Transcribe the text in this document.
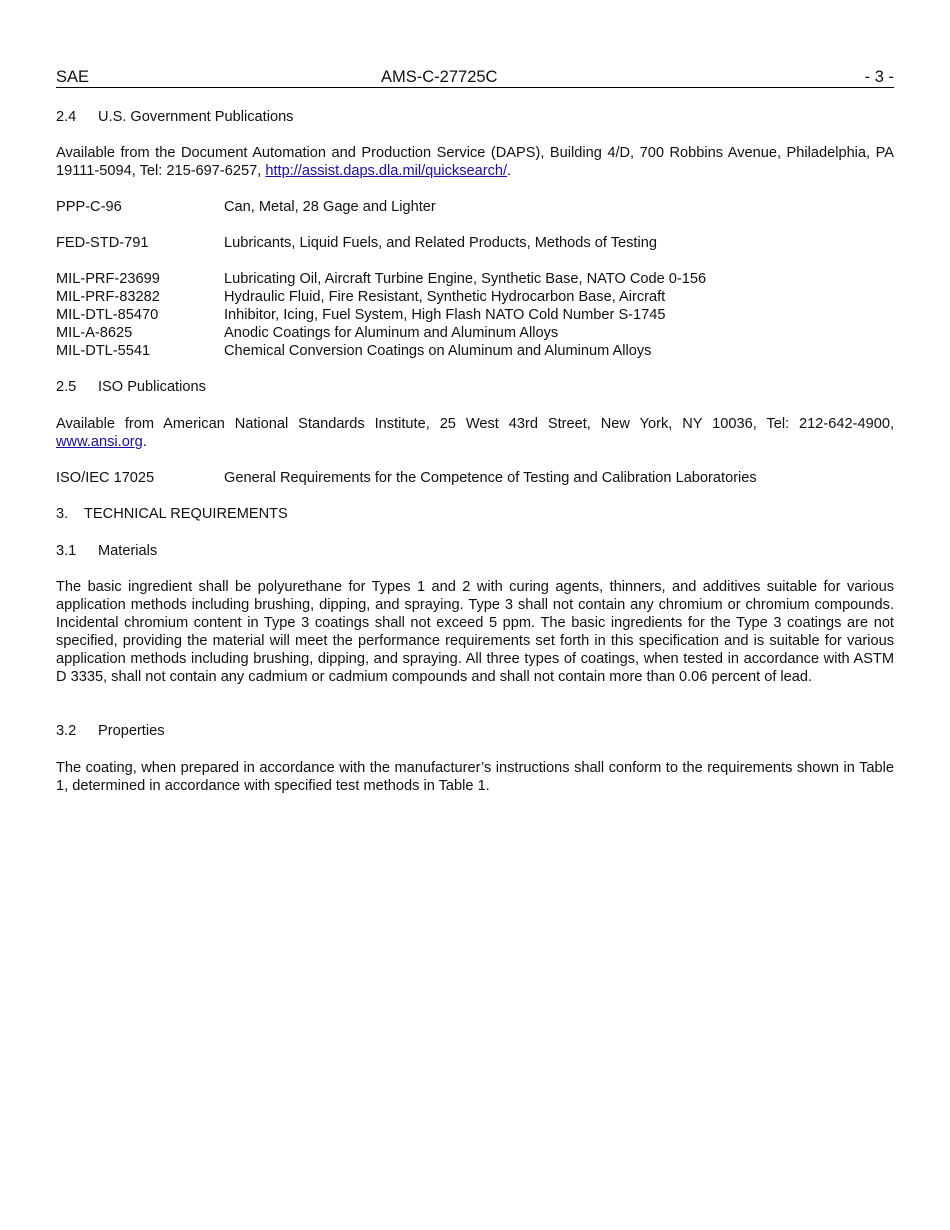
SAE	AMS-C-27725C	- 3 -
2.4 U.S. Government Publications
Available from the Document Automation and Production Service (DAPS), Building 4/D, 700 Robbins Avenue, Philadelphia, PA 19111-5094, Tel: 215-697-6257, http://assist.daps.dla.mil/quicksearch/.
PPP-C-96	Can, Metal, 28 Gage and Lighter
FED-STD-791	Lubricants, Liquid Fuels, and Related Products, Methods of Testing
MIL-PRF-23699	Lubricating Oil, Aircraft Turbine Engine, Synthetic Base, NATO Code 0-156
MIL-PRF-83282	Hydraulic Fluid, Fire Resistant, Synthetic Hydrocarbon Base, Aircraft
MIL-DTL-85470	Inhibitor, Icing, Fuel System, High Flash NATO Cold Number S-1745
MIL-A-8625	Anodic Coatings for Aluminum and Aluminum Alloys
MIL-DTL-5541	Chemical Conversion Coatings on Aluminum and Aluminum Alloys
2.5 ISO Publications
Available from American National Standards Institute, 25 West 43rd Street, New York, NY 10036, Tel: 212-642-4900, www.ansi.org.
ISO/IEC 17025	General Requirements for the Competence of Testing and Calibration Laboratories
3. TECHNICAL REQUIREMENTS
3.1 Materials
The basic ingredient shall be polyurethane for Types 1 and 2 with curing agents, thinners, and additives suitable for various application methods including brushing, dipping, and spraying. Type 3 shall not contain any chromium or chromium compounds. Incidental chromium content in Type 3 coatings shall not exceed 5 ppm. The basic ingredients for the Type 3 coatings are not specified, providing the material will meet the performance requirements set forth in this specification and is suitable for various application methods including brushing, dipping, and spraying. All three types of coatings, when tested in accordance with ASTM D 3335, shall not contain any cadmium or cadmium compounds and shall not contain more than 0.06 percent of lead.
3.2 Properties
The coating, when prepared in accordance with the manufacturer’s instructions shall conform to the requirements shown in Table 1, determined in accordance with specified test methods in Table 1.
